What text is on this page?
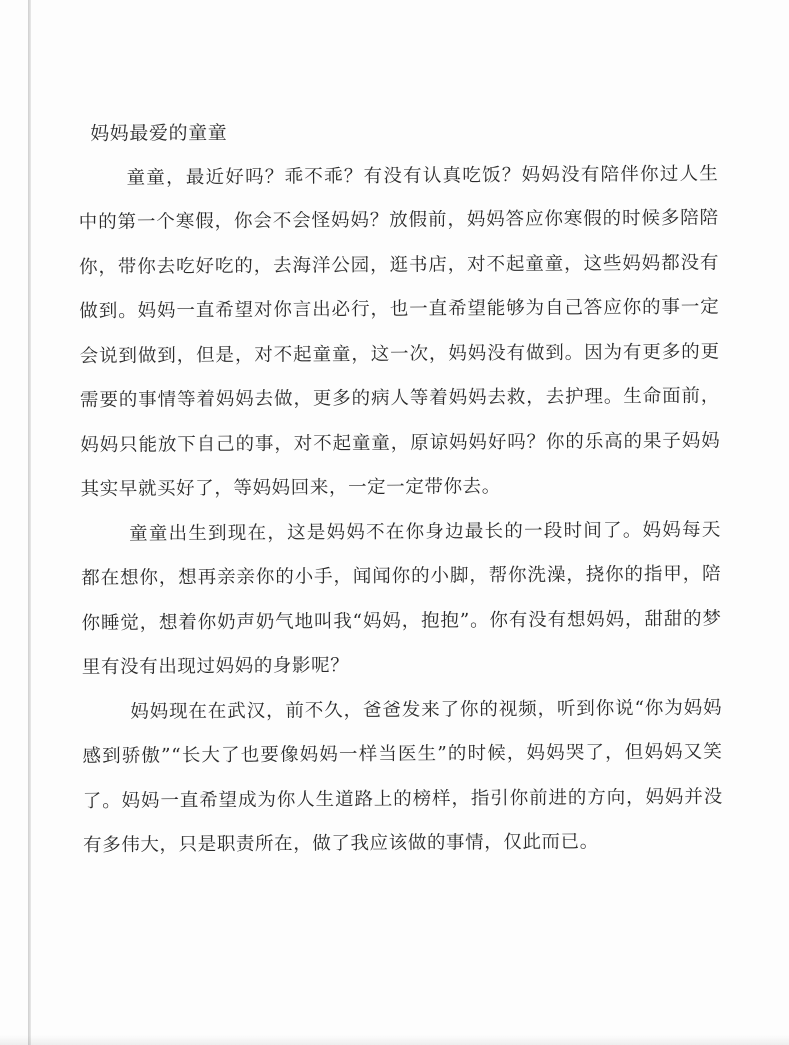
妈妈最爱的童童

童童，最近好吗？乖不乖？有没有认真吃饭？妈妈没有陪伴你过人生中的第一个寒假，你会不会怪妈妈？放假前，妈妈答应你寒假的时候多陪陪你，带你去吃好吃的，去海洋公园，逛书店，对不起童童，这些妈妈都没有做到。妈妈一直希望对你言出必行，也一直希望能够为自己答应你的事一定会说到做到，但是，对不起童童，这一次，妈妈没有做到。因为有更多的更需要的事情等着妈妈去做，更多的病人等着妈妈去救，去护理。生命面前，妈妈只能放下自己的事，对不起童童，原谅妈妈好吗？你的乐高的果子妈妈其实早就买好了，等妈妈回来，一定一定带你去。

童童出生到现在，这是妈妈不在你身边最长的一段时间了。妈妈每天都在想你，想再亲亲你的小手，闻闻你的小脚，帮你洗澡，挠你的指甲，陪你睡觉，想着你奶声奶气地叫我“妈妈，抱抱”。你有没有想妈妈，甜甜的梦里有没有出现过妈妈的身影呢？

妈妈现在在武汉，前不久，爸爸发来了你的视频，听到你说“你为妈妈感到骄傲”“长大了也要像妈妈一样当医生”的时候，妈妈哭了，但妈妈又笑了。妈妈一直希望成为你人生道路上的榜样，指引你前进的方向，妈妈并没有多伟大，只是职责所在，做了我应该做的事情，仅此而已。
